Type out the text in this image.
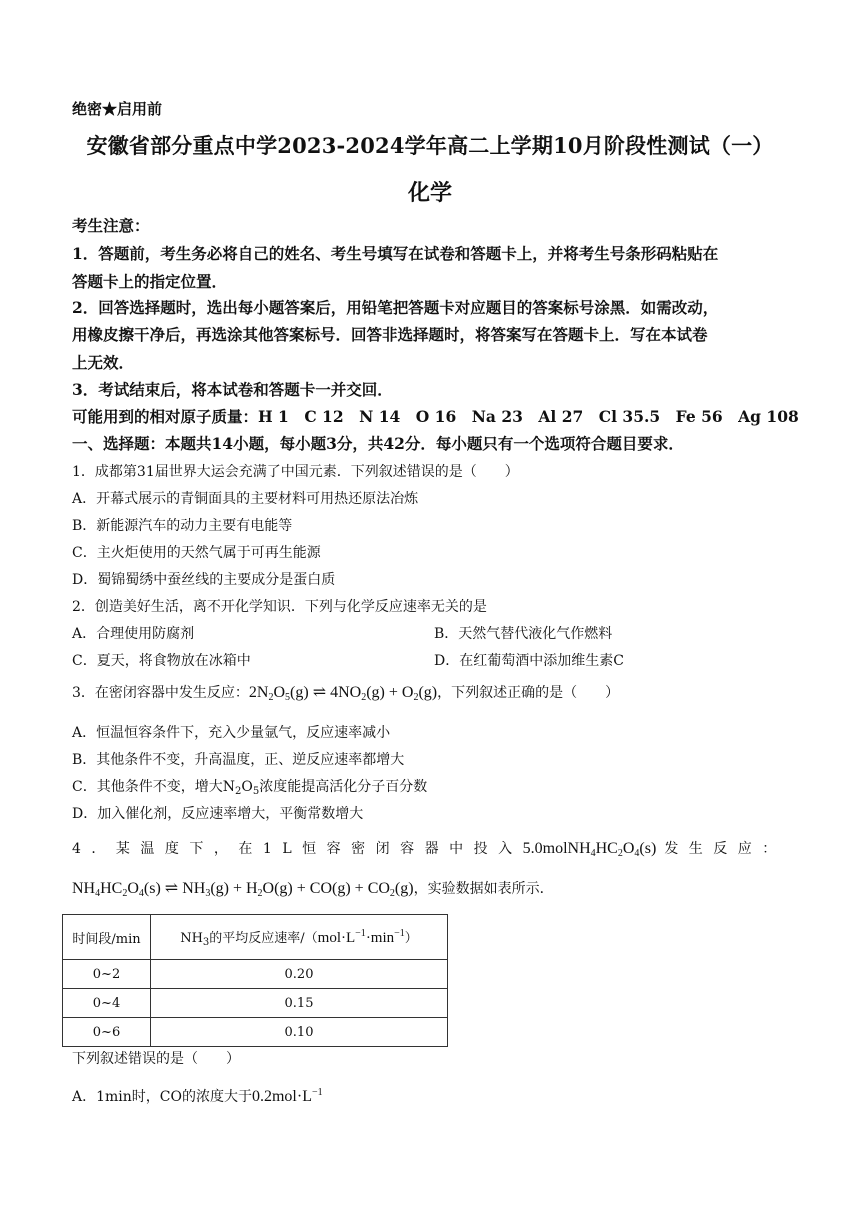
绝密★启用前
安徽省部分重点中学2023-2024学年高二上学期10月阶段性测试（一）
化学
考生注意：
1．答题前，考生务必将自己的姓名、考生号填写在试卷和答题卡上，并将考生号条形码粘贴在
答题卡上的指定位置．
2．回答选择题时，选出每小题答案后，用铅笔把答题卡对应题目的答案标号涂黑．如需改动，
用橡皮擦干净后，再选涂其他答案标号．回答非选择题时，将答案写在答题卡上．写在本试卷
上无效．
3．考试结束后，将本试卷和答题卡一并交回．
可能用到的相对原子质量：H 1　C 12　N 14　O 16　Na 23　Al 27　Cl 35.5　Fe 56　Ag 108
一、选择题：本题共14小题，每小题3分，共42分．每小题只有一个选项符合题目要求．
1．成都第31届世界大运会充满了中国元素．下列叙述错误的是（　　）
A．开幕式展示的青铜面具的主要材料可用热还原法冶炼
B．新能源汽车的动力主要有电能等
C．主火炬使用的天然气属于可再生能源
D．蜀锦蜀绣中蚕丝线的主要成分是蛋白质
2．创造美好生活，离不开化学知识．下列与化学反应速率无关的是
A．合理使用防腐剂	B．天然气替代液化气作燃料
C．夏天，将食物放在冰箱中	D．在红葡萄酒中添加维生素C
3．在密闭容器中发生反应：$2N_2O_5(g)$ ⇌ $4NO_2(g) + O_2(g)$，下列叙述正确的是（　　）
A．恒温恒容条件下，充入少量氩气，反应速率减小
B．其他条件不变，升高温度，正、逆反应速率都增大
C．其他条件不变，增大$N_2O_5$浓度能提高活化分子百分数
D．加入催化剂，反应速率增大，平衡常数增大
4．某温度下，在1L恒容密闭容器中投入$5.0molNH_4HC_2O_4(s)$ 发生反应：
$NH_4HC_2O_4(s)$ ⇌ $NH_3(g) + H_2O(g) + CO(g) + CO_2(g)$，实验数据如表所示．
时间段/min	$NH_3$的平均反应速率$/(mol\cdot L^{-1}\cdot\min^{-1})$
0~2	0.20
0~4	0.15
0~6	0.10
下列叙述错误的是（　　）
A．1min时，CO的浓度大于$0.2mol\cdot L^{-1}$
